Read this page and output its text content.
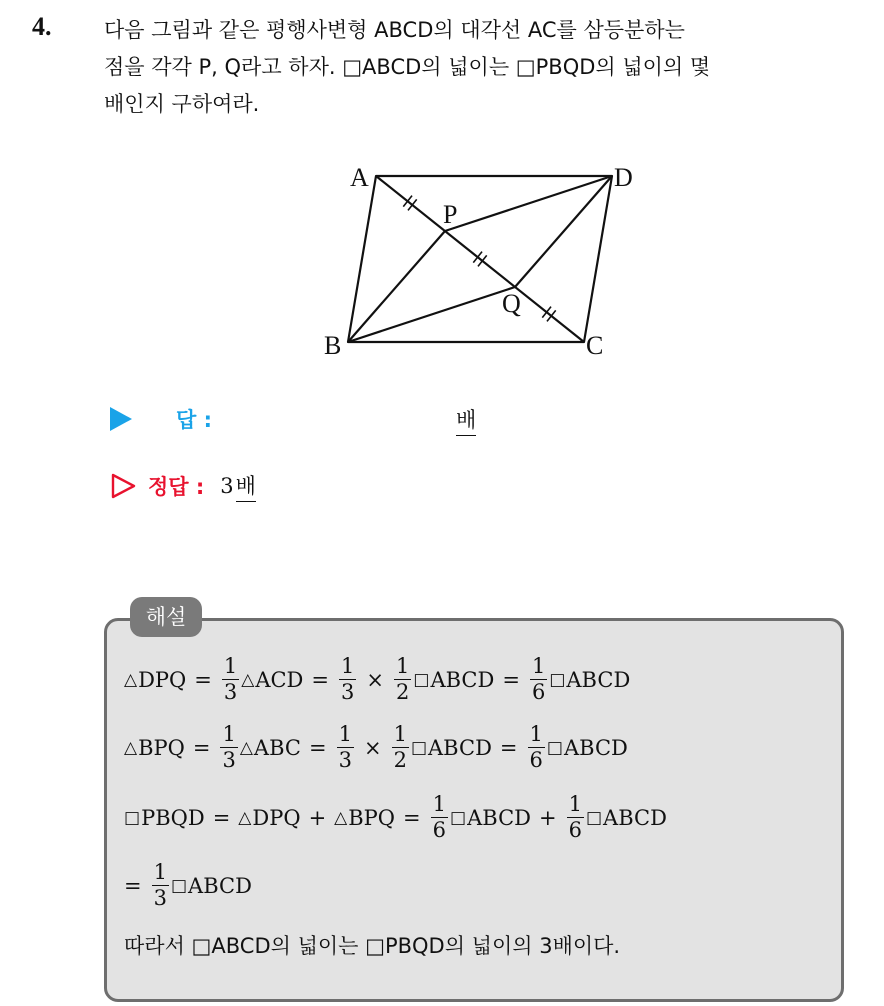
4.	다음 그림과 같은 평행사변형 ABCD의 대각선 AC를 삼등분하는
점을 각각 P, Q라고 하자. □ABCD의 넓이는 □PBQD의 넓이의 몇
배인지 구하여라.
A	D
P
Q
B	C
답 :	배
정답 : 3 배
해설
△ DPQ = $\frac{1}{3}$ △ ACD = $\frac{1}{3} \times \frac{1}{2}$ □ ABCD = $\frac{1}{6}$ □ ABCD
△ BPQ = $\frac{1}{3}$ △ ABC = $\frac{1}{3} \times \frac{1}{2}$ □ ABCD = $\frac{1}{6}$ □ ABCD
□ PBQD = △ DPQ + △ BPQ = $\frac{1}{6}$ □ ABCD + $\frac{1}{6}$ □ ABCD
= $\frac{1}{3}$ □ ABCD
따라서 □ABCD의 넓이는 □PBQD의 넓이의 3배이다.
